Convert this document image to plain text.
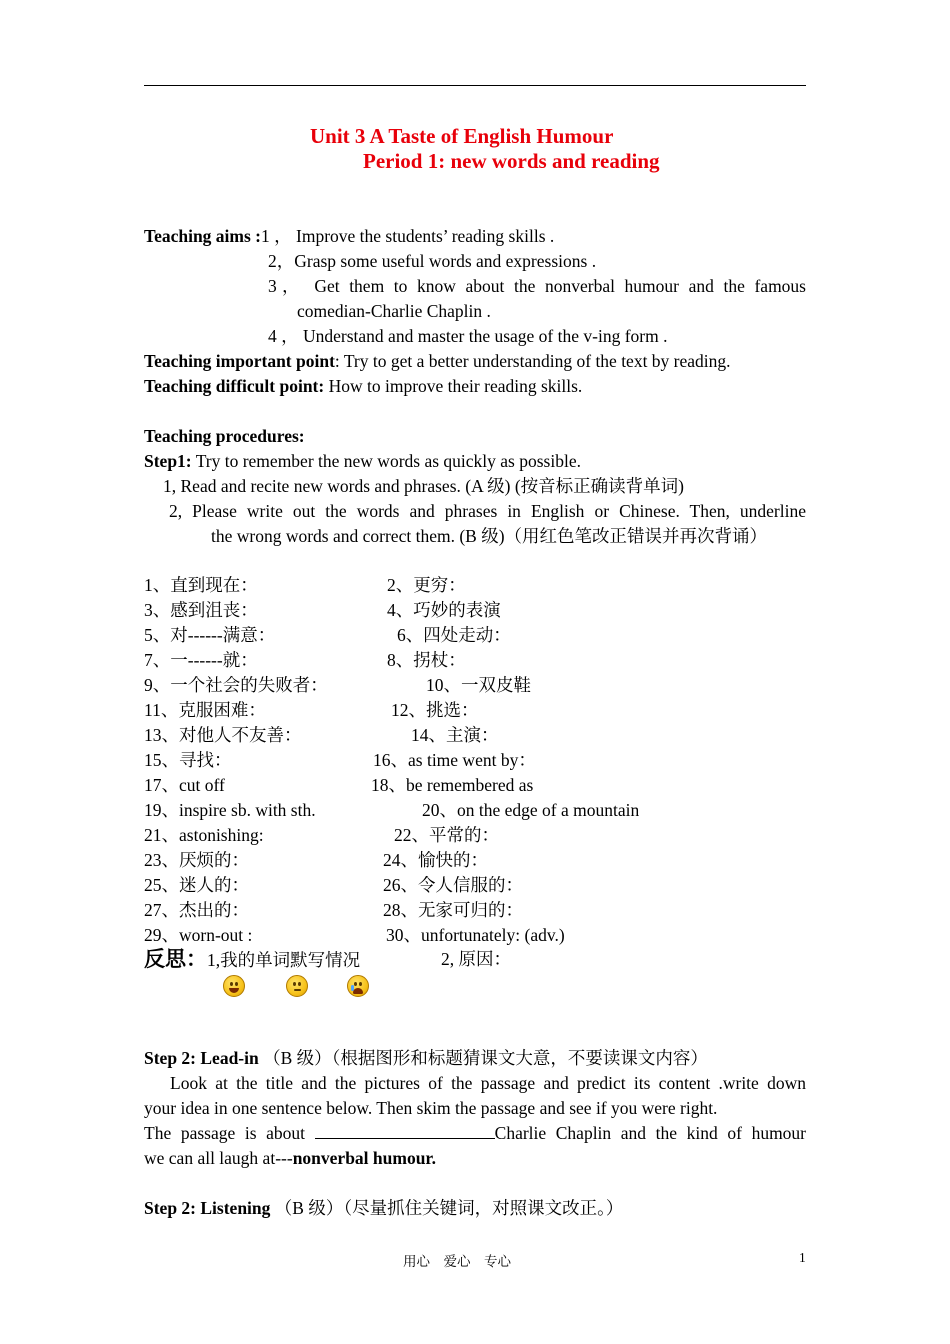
Unit 3 A Taste of English Humour
Period 1: new words and reading
Teaching aims :1 ， Improve the students’ reading skills .
2，Grasp some useful words and expressions .
3， Get them to know about the nonverbal humour and the famous
comedian-Charlie Chaplin .
4 ， Understand and master the usage of the v-ing form .
Teaching important point: Try to get a better understanding of the text by reading.
Teaching difficult point: How to improve their reading skills.
Teaching procedures:
Step1: Try to remember the new words as quickly as possible.
1, Read and recite new words and phrases. (A 级) (按音标正确读背单词)
2, Please write out the words and phrases in English or Chinese. Then, underline
the wrong words and correct them. (B 级)（用红色笔改正错误并再次背诵）
1、直到现在：	2、更穷：
3、感到沮丧：	4、巧妙的表演
5、对------满意：	6、四处走动：
7、一------就：	8、拐杖：
9、一个社会的失败者：	10、一双皮鞋
11、克服困难：	12、挑选：
13、对他人不友善：	14、主演：
15、寻找：	16、as time went by：
17、cut off	18、be remembered as
19、inspire sb. with sth.	20、on the edge of a mountain
21、astonishing:	22、平常的：
23、厌烦的：	24、愉快的：
25、迷人的：	26、令人信服的：
27、杰出的：	28、无家可归的：
29、worn-out :	30、unfortunately: (adv.)
反思：1,我的单词默写情况	2, 原因：
Step 2: Lead-in （B 级）（根据图形和标题猜课文大意，不要读课文内容）
Look at the title and the pictures of the passage and predict its content .write down
your idea in one sentence below. Then skim the passage and see if you were right.
The passage is about	Charlie Chaplin and the kind of humour
we can all laugh at---nonverbal humour.
Step 2: Listening （B 级）（尽量抓住关键词，对照课文改正。）
用心　爱心　专心	1
